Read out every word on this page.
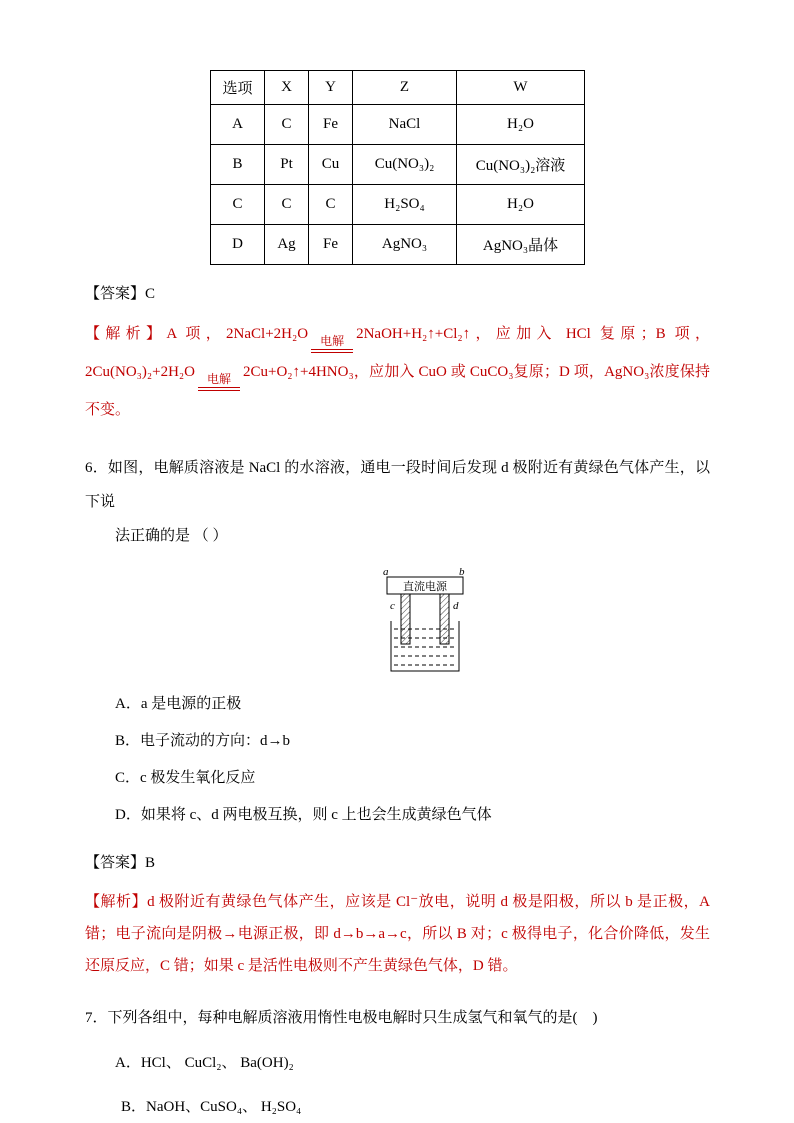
选项	X	Y	Z	W
A	C	Fe	NaCl	H₂O
B	Pt	Cu	Cu(NO₃)₂	Cu(NO₃)₂溶液
C	C	C	H₂SO₄	H₂O
D	Ag	Fe	AgNO₃	AgNO₃晶体

【答案】C

【解析】A 项，2NaCl+2H₂O 电解 2NaOH+H₂↑+Cl₂↑，应加入 HCl 复原；B 项，2Cu(NO₃)₂+2H₂O 电解 2Cu+O₂↑+4HNO₃，应加入 CuO 或 CuCO₃复原；D 项，AgNO₃浓度保持不变。

6．如图，电解质溶液是 NaCl 的水溶液，通电一段时间后发现 d 极附近有黄绿色气体产生，以下说
法正确的是 （ ）

a	b
直流电源
c	d

A．a 是电源的正极

B．电子流动的方向：d→b

C．c 极发生氧化反应

D．如果将 c、d 两电极互换，则 c 上也会生成黄绿色气体

【答案】B

【解析】d 极附近有黄绿色气体产生，应该是 Cl⁻放电，说明 d 极是阳极，所以 b 是正极，A 错；电子流向是阴极→电源正极，即 d→b→a→c，所以 B 对；c 极得电子，化合价降低，发生还原反应，C 错；如果 c 是活性电极则不产生黄绿色气体，D 错。

7．下列各组中，每种电解质溶液用惰性电极电解时只生成氢气和氧气的是(　)

A．HCl、 CuCl₂、 Ba(OH)₂

B．NaOH、CuSO₄、 H₂SO₄
